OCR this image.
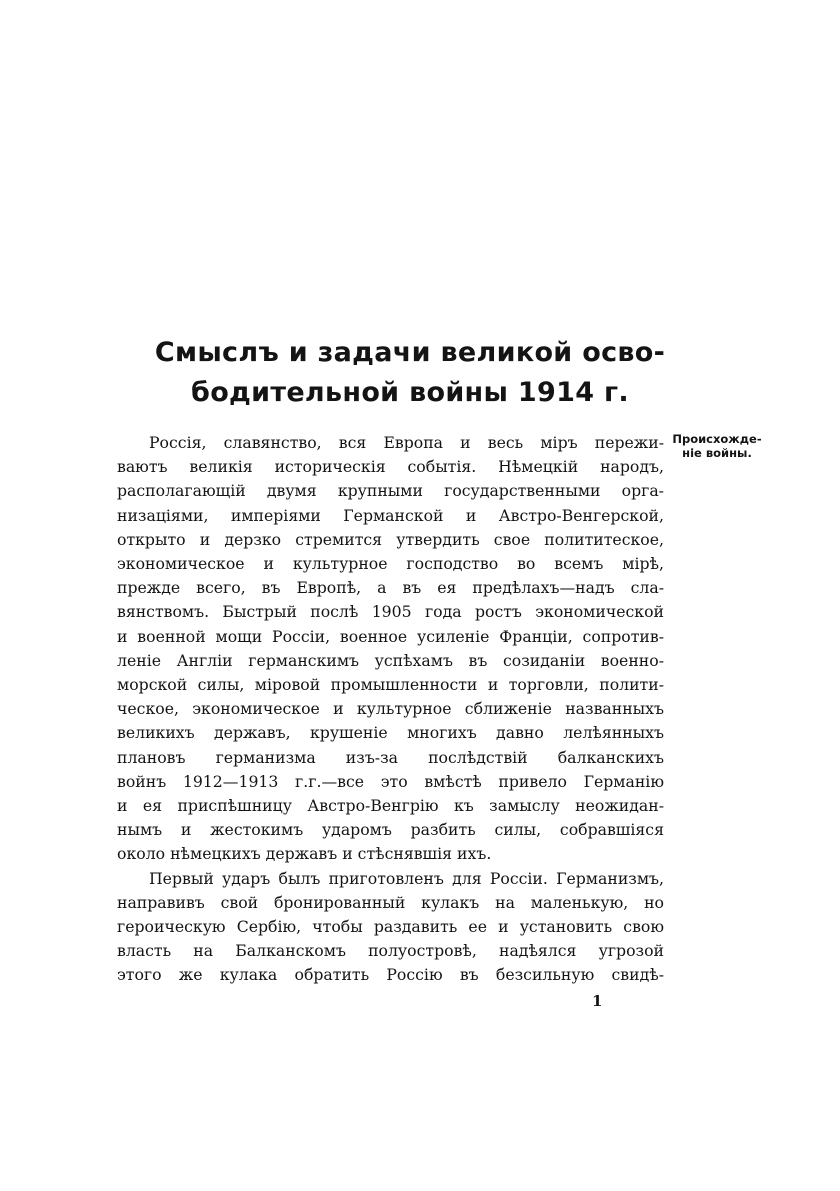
Смыслъ и задачи великой осво-
бодительной войны 1914 г.
Происхожде-
ніе войны.
Россія, славянство, вся Европа и весь міръ пережи-
ваютъ великія историческія событія. Нѣмецкій народъ,
располагающій двумя крупными государственными орга-
низаціями, имперіями Германской и Австро-Венгерской,
открыто и дерзко стремится утвердить свое полититеское,
экономическое и культурное господство во всемъ мірѣ,
прежде всего, въ Европѣ, а въ ея предѣлахъ—надъ сла-
вянствомъ. Быстрый послѣ 1905 года ростъ экономической
и военной мощи Россіи, военное усиленіе Франціи, сопротив-
леніе Англіи германскимъ успѣхамъ въ созиданіи военно-
морской силы, міровой промышленности и торговли, полити-
ческое, экономическое и культурное сближеніе названныхъ
великихъ державъ, крушеніе многихъ давно лелѣянныхъ
плановъ германизма изъ-за послѣдствій балканскихъ
войнъ 1912—1913 г.г.—все это вмѣстѣ привело Германію
и ея приспѣшницу Австро-Венгрію къ замыслу неожидан-
нымъ и жестокимъ ударомъ разбить силы, собравшіяся
около нѣмецкихъ державъ и стѣснявшія ихъ.
Первый ударъ былъ приготовленъ для Россіи. Германизмъ,
направивъ свой бронированный кулакъ на маленькую, но
героическую Сербію, чтобы раздавить ее и установить свою
власть на Балканскомъ полуостровѣ, надѣялся угрозой
этого же кулака обратить Россію въ безсильную свидѣ-
1
